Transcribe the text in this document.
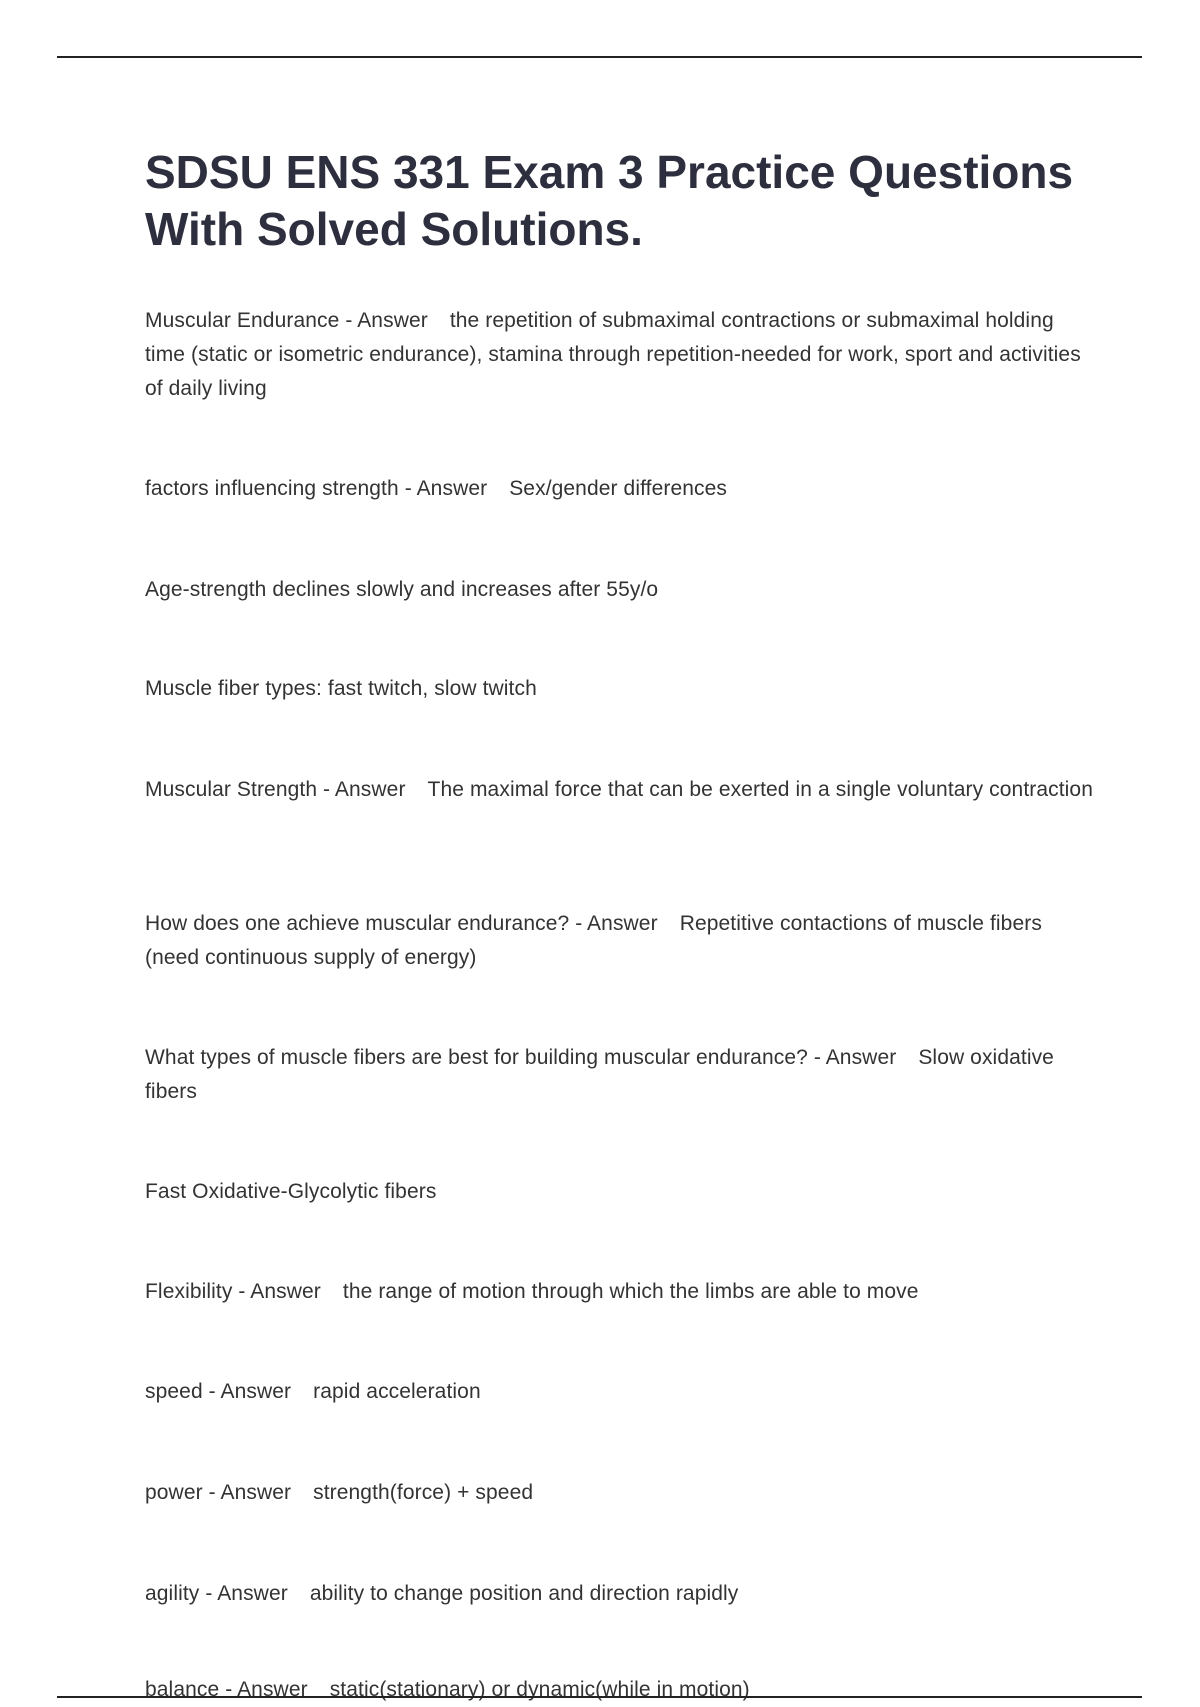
SDSU ENS 331 Exam 3 Practice Questions With Solved Solutions.

Muscular Endurance - Answer the repetition of submaximal contractions or submaximal holding time (static or isometric endurance), stamina through repetition-needed for work, sport and activities of daily living

factors influencing strength - Answer Sex/gender differences

Age-strength declines slowly and increases after 55y/o

Muscle fiber types: fast twitch, slow twitch

Muscular Strength - Answer The maximal force that can be exerted in a single voluntary contraction

How does one achieve muscular endurance? - Answer Repetitive contactions of muscle fibers (need continuous supply of energy)

What types of muscle fibers are best for building muscular endurance? - Answer Slow oxidative fibers

Fast Oxidative-Glycolytic fibers

Flexibility - Answer the range of motion through which the limbs are able to move

speed - Answer rapid acceleration

power - Answer strength(force) + speed

agility - Answer ability to change position and direction rapidly

balance - Answer static(stationary) or dynamic(while in motion)
